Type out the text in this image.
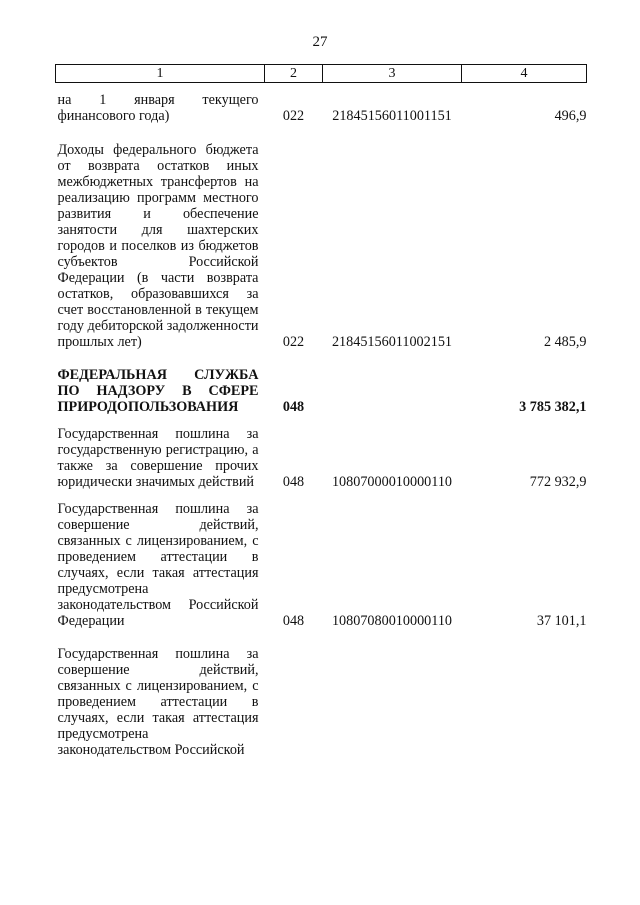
27
1	2	3	4
на 1 января текущего финансового года)	022	21845156011001151	496,9

Доходы федерального бюджета от возврата остатков иных межбюджетных трансфертов на реализацию программ местного развития и обеспечение занятости для шахтерских городов и поселков из бюджетов субъектов Российской Федерации (в части возврата остатков, образовавшихся за счет восстановленной в текущем году дебиторской задолженности прошлых лет)	022	21845156011002151	2 485,9

ФЕДЕРАЛЬНАЯ СЛУЖБА ПО НАДЗОРУ В СФЕРЕ ПРИРОДОПОЛЬЗОВАНИЯ	048		3 785 382,1

Государственная пошлина за государственную регистрацию, а также за совершение прочих юридически значимых действий	048	10807000010000110	772 932,9

Государственная пошлина за совершение действий, связанных с лицензированием, с проведением аттестации в случаях, если такая аттестация предусмотрена законодательством Российской Федерации	048	10807080010000110	37 101,1

Государственная пошлина за совершение действий, связанных с лицензированием, с проведением аттестации в случаях, если такая аттестация предусмотрена законодательством Российской			
